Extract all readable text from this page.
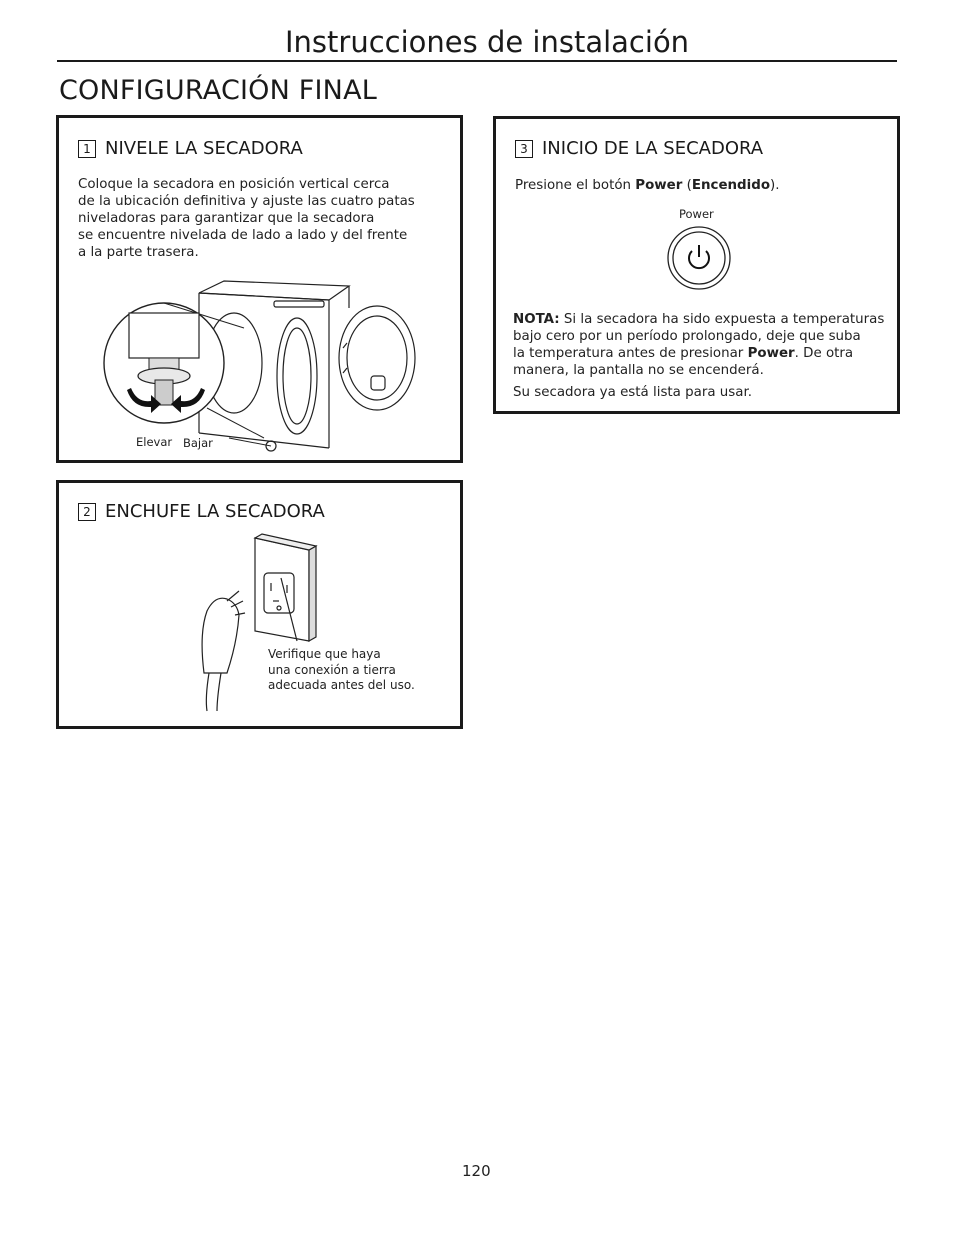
Instrucciones de instalación
CONFIGURACIÓN FINAL
1 NIVELE LA SECADORA
Coloque la secadora en posición vertical cerca
de la ubicación definitiva y ajuste las cuatro patas
niveladoras para garantizar que la secadora
se encuentre nivelada de lado a lado y del frente
a la parte trasera.
Elevar Bajar
2 ENCHUFE LA SECADORA
Verifique que haya
una conexión a tierra
adecuada antes del uso.
3 INICIO DE LA SECADORA
Presione el botón Power (Encendido).
Power
NOTA: Si la secadora ha sido expuesta a temperaturas
bajo cero por un período prolongado, deje que suba
la temperatura antes de presionar Power. De otra
manera, la pantalla no se encenderá.
Su secadora ya está lista para usar.
120
